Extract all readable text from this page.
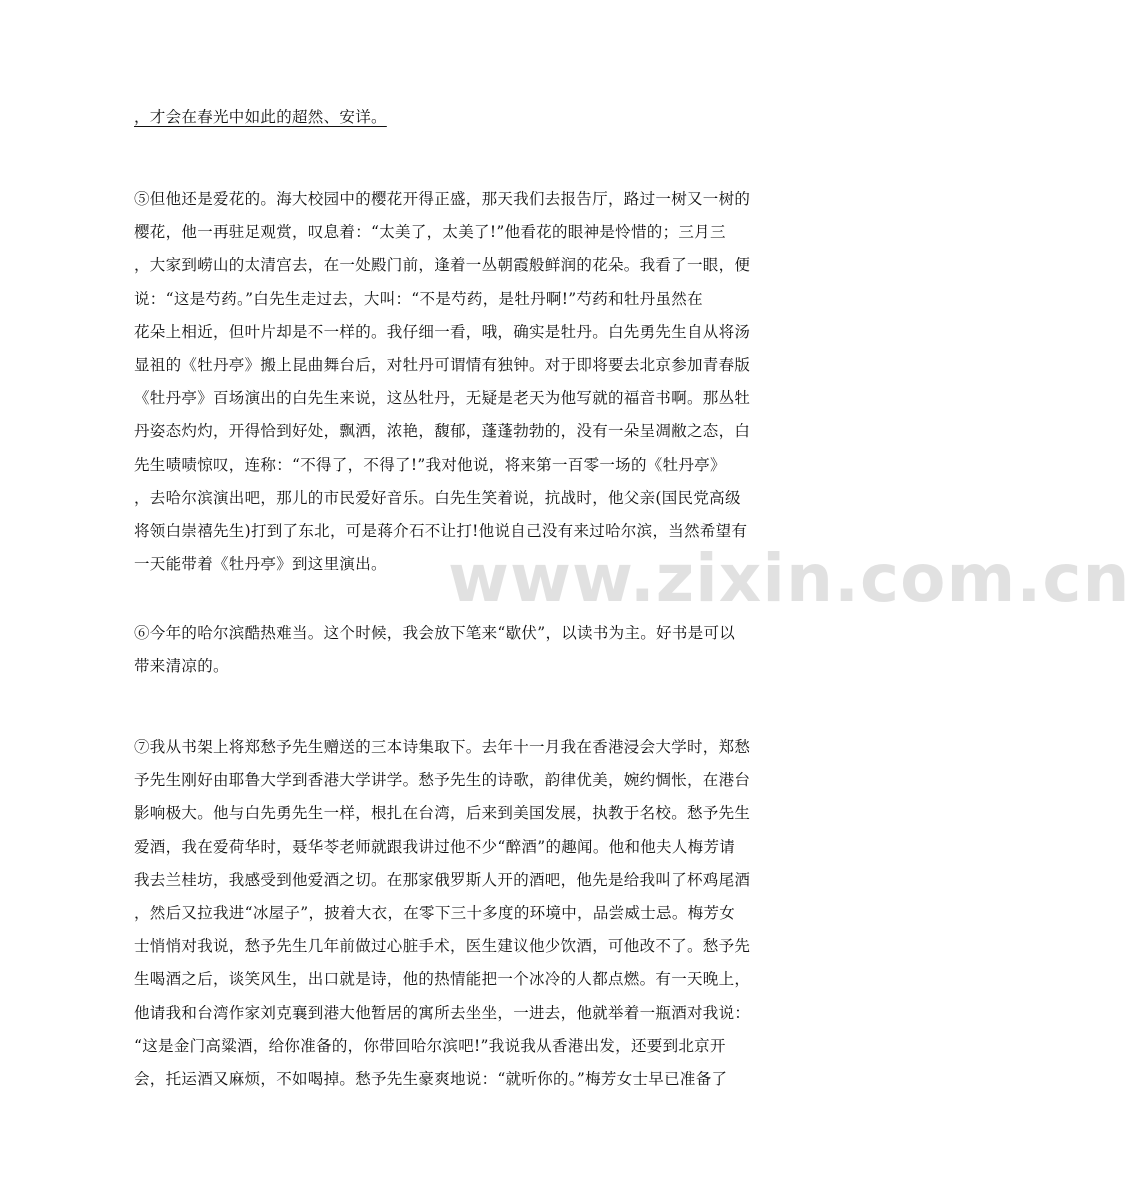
www.zixin.com.cn
，才会在春光中如此的超然、安详。
⑤但他还是爱花的。海大校园中的樱花开得正盛，那天我们去报告厅，路过一树又一树的
樱花，他一再驻足观赏，叹息着：“太美了，太美了!”他看花的眼神是怜惜的；三月三
，大家到崂山的太清宫去，在一处殿门前，逢着一丛朝霞般鲜润的花朵。我看了一眼，便
说：“这是芍药。”白先生走过去，大叫：“不是芍药，是牡丹啊!”芍药和牡丹虽然在
花朵上相近，但叶片却是不一样的。我仔细一看，哦，确实是牡丹。白先勇先生自从将汤
显祖的《牡丹亭》搬上昆曲舞台后，对牡丹可谓情有独钟。对于即将要去北京参加青春版
《牡丹亭》百场演出的白先生来说，这丛牡丹，无疑是老天为他写就的福音书啊。那丛牡
丹姿态灼灼，开得恰到好处，飘洒，浓艳，馥郁，蓬蓬勃勃的，没有一朵呈凋敝之态，白
先生啧啧惊叹，连称：“不得了，不得了!”我对他说，将来第一百零一场的《牡丹亭》
，去哈尔滨演出吧，那儿的市民爱好音乐。白先生笑着说，抗战时，他父亲(国民党高级
将领白崇禧先生)打到了东北，可是蒋介石不让打!他说自己没有来过哈尔滨，当然希望有
一天能带着《牡丹亭》到这里演出。
⑥今年的哈尔滨酷热难当。这个时候，我会放下笔来“歇伏”，以读书为主。好书是可以
带来清凉的。
⑦我从书架上将郑愁予先生赠送的三本诗集取下。去年十一月我在香港浸会大学时，郑愁
予先生刚好由耶鲁大学到香港大学讲学。愁予先生的诗歌，韵律优美，婉约惆怅，在港台
影响极大。他与白先勇先生一样，根扎在台湾，后来到美国发展，执教于名校。愁予先生
爱酒，我在爱荷华时，聂华苓老师就跟我讲过他不少“醉酒”的趣闻。他和他夫人梅芳请
我去兰桂坊，我感受到他爱酒之切。在那家俄罗斯人开的酒吧，他先是给我叫了杯鸡尾酒
，然后又拉我进“冰屋子”，披着大衣，在零下三十多度的环境中，品尝威士忌。梅芳女
士悄悄对我说，愁予先生几年前做过心脏手术，医生建议他少饮酒，可他改不了。愁予先
生喝酒之后，谈笑风生，出口就是诗，他的热情能把一个冰冷的人都点燃。有一天晚上，
他请我和台湾作家刘克襄到港大他暂居的寓所去坐坐，一进去，他就举着一瓶酒对我说：
“这是金门高粱酒，给你准备的，你带回哈尔滨吧!”我说我从香港出发，还要到北京开
会，托运酒又麻烦，不如喝掉。愁予先生豪爽地说：“就听你的。”梅芳女士早已准备了
